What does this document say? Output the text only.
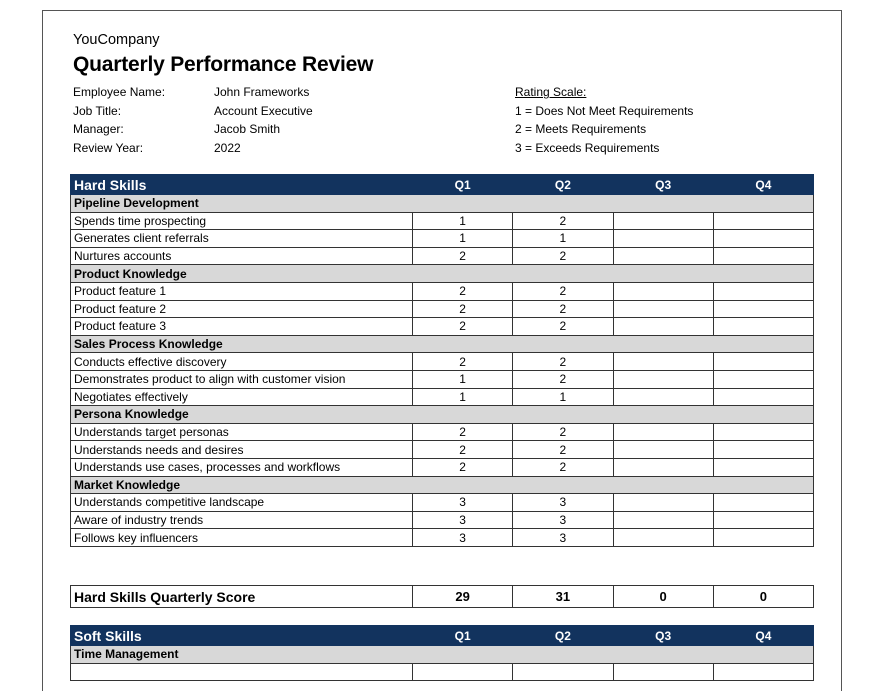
YouCompany
Quarterly Performance Review
Employee Name:	John Frameworks
Job Title:	Account Executive
Manager:	Jacob Smith
Review Year:	2022
Rating Scale:
1 = Does Not Meet Requirements
2 = Meets Requirements
3 = Exceeds Requirements
Hard Skills	Q1	Q2	Q3	Q4
Pipeline Development				
Spends time prospecting	1	2		
Generates client referrals	1	1		
Nurtures accounts	2	2		
Product Knowledge				
Product feature 1	2	2		
Product feature 2	2	2		
Product feature 3	2	2		
Sales Process Knowledge				
Conducts effective discovery	2	2		
Demonstrates product to align with customer vision	1	2		
Negotiates effectively	1	1		
Persona Knowledge				
Understands target personas	2	2		
Understands needs and desires	2	2		
Understands use cases, processes and workflows	2	2		
Market Knowledge				
Understands competitive landscape	3	3		
Aware of industry trends	3	3		
Follows key influencers	3	3		
Hard Skills Quarterly Score	29	31	0	0
Soft Skills	Q1	Q2	Q3	Q4
Time Management				
